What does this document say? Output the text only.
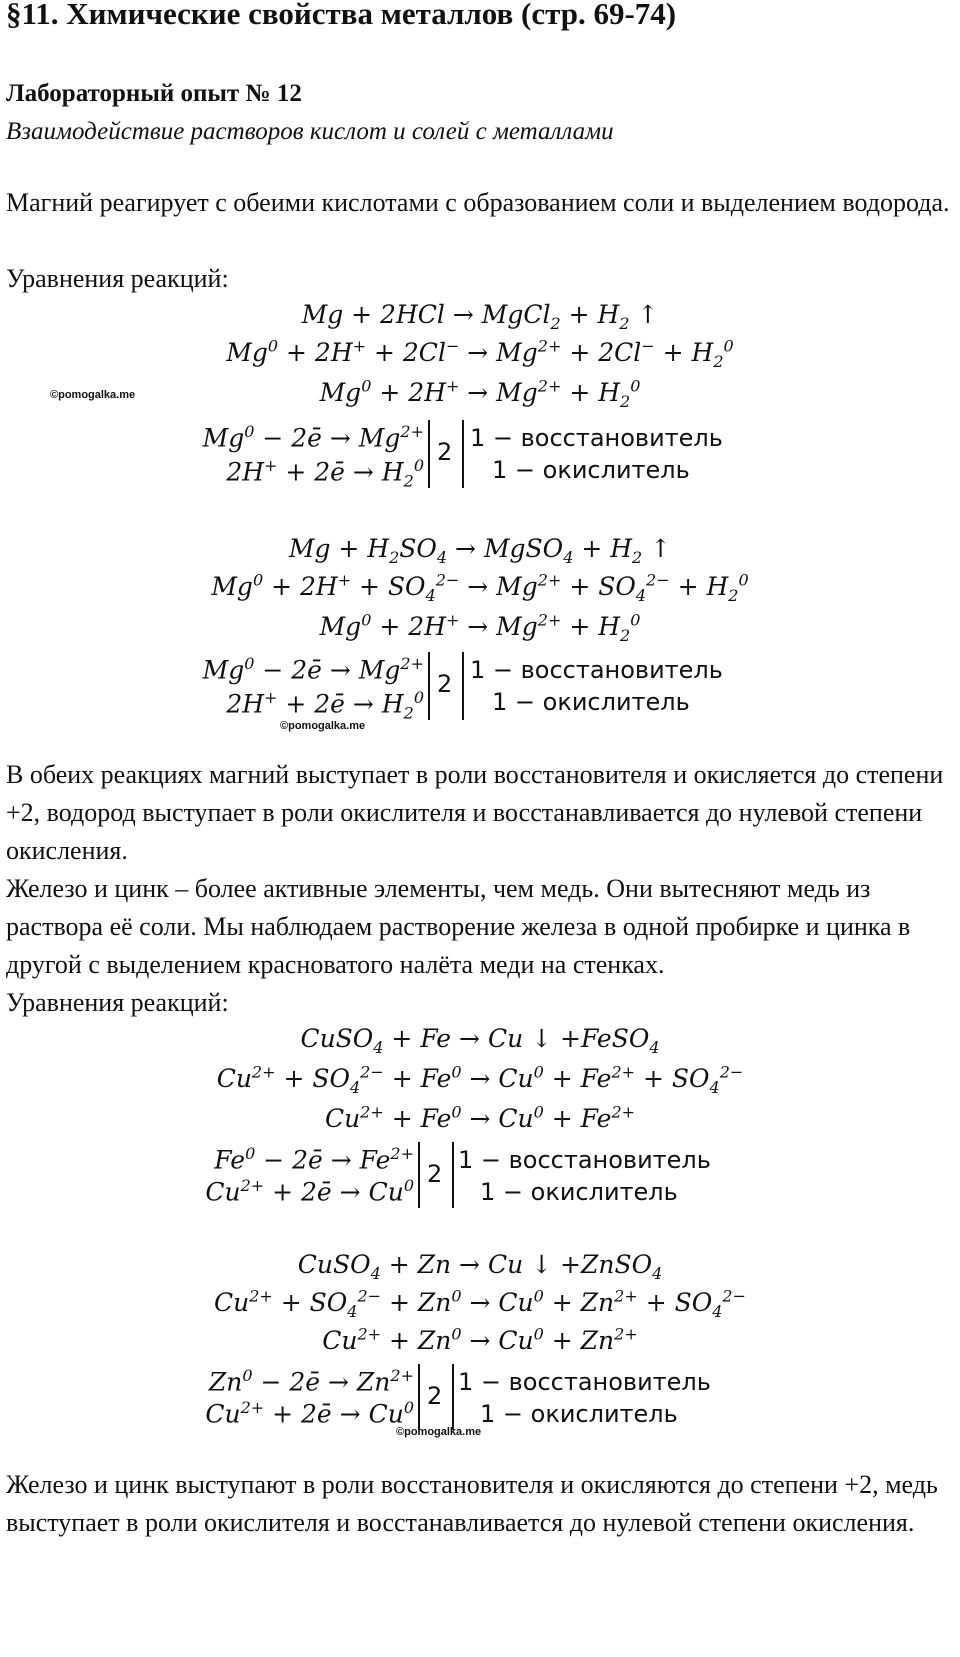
§11. Химические свойства металлов (стр. 69-74)
Лабораторный опыт № 12
Взаимодействие растворов кислот и солей с металлами

Магний реагирует с обеими кислотами с образованием соли и выделением водорода.

Уравнения реакций:

Mg + 2HCl → MgCl$_2$ + $H_2$ ↑
$Mg^0 + 2H^+ + 2Cl^- \to Mg^{2+} + 2Cl^- + H_2^0$
$Mg^0 + 2H^+ \to Mg^{2+} + H_2^0$
©pomogalka.me
$Mg^0$ − 2ē → $Mg^{2+}$
2H+ + 2ē → $H_2^0$ 2 1 − восстановитель
1 − окислитель
$Mg + H_2SO_4$ → MgSO$_4$ + $H_2$ ↑
$Mg^0 + 2H^+ + SO_4^{2-} \to Mg^{2+} + SO_4^{2-} + H_2^0$
$Mg^0 + 2H^+ \to Mg^{2+} + H_2^0$
$Mg^0$ − 2ē → $Mg^{2+}$
2H+ + 2ē → $H_2^0$ 2 1 − восстановитель
1 − окислитель
©pomogalka.me

В обеих реакциях магний выступает в роли восстановителя и окисляется до степени +2, водород выступает в роли окислителя и восстанавливается до нулевой степени окисления.

Железо и цинк – более активные элементы, чем медь. Они вытесняют медь из раствора её соли. Мы наблюдаем растворение железа в одной пробирке и цинка в другой с выделением красноватого налёта меди на стенках.

Уравнения реакций:

CuSO$_4$ + Fe → Cu ↓ +FeSO$_4$
$Cu^{2+} + SO_4^{2-} + Fe^0 \to Cu^0 + Fe^{2+} + SO_4^{2-}$
$Cu^{2+} + Fe^0 \to Cu^0 + Fe^{2+}$
$Fe^0$ − 2ē → $Fe^{2+}$
$Cu^{2+}$ + 2ē → $Cu^0$ 2 1 − восстановитель
1 − окислитель
CuSO$_4$ + Zn → Cu ↓ +ZnSO$_4$
$Cu^{2+} + SO_4^{2-} + Zn^0 \to Cu^0 + Zn^{2+} + SO_4^{2-}$
$Cu^{2+} + Zn^0 \to Cu^0 + Zn^{2+}$
$Zn^0$ − 2ē → $Zn^{2+}$
$Cu^{2+}$ + 2ē → $Cu^0$ 2 1 − восстановитель
1 − окислитель
©pomogalka.me

Железо и цинк выступают в роли восстановителя и окисляются до степени +2, медь выступает в роли окислителя и восстанавливается до нулевой степени окисления.
